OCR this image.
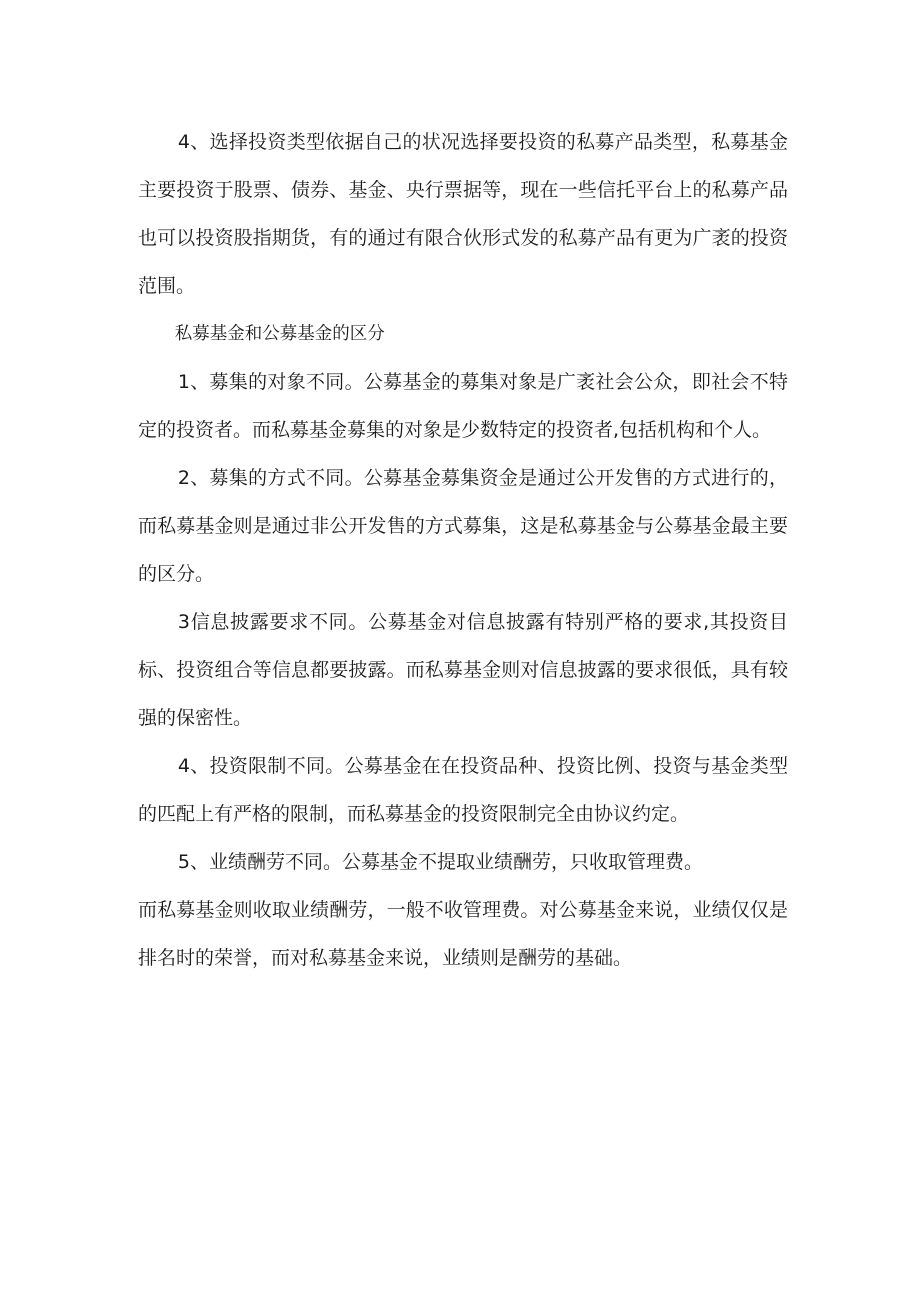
4、选择投资类型依据自己的状况选择要投资的私募产品类型，私募基金主要投资于股票、债券、基金、央行票据等，现在一些信托平台上的私募产品也可以投资股指期货，有的通过有限合伙形式发的私募产品有更为广袤的投资范围。

私募基金和公募基金的区分

1、募集的对象不同。公募基金的募集对象是广袤社会公众，即社会不特定的投资者。而私募基金募集的对象是少数特定的投资者,包括机构和个人。

2、募集的方式不同。公募基金募集资金是通过公开发售的方式进行的，而私募基金则是通过非公开发售的方式募集，这是私募基金与公募基金最主要的区分。

3信息披露要求不同。公募基金对信息披露有特别严格的要求,其投资目标、投资组合等信息都要披露。而私募基金则对信息披露的要求很低，具有较强的保密性。

4、投资限制不同。公募基金在在投资品种、投资比例、投资与基金类型的匹配上有严格的限制，而私募基金的投资限制完全由协议约定。

5、业绩酬劳不同。公募基金不提取业绩酬劳，只收取管理费。

而私募基金则收取业绩酬劳，一般不收管理费。对公募基金来说，业绩仅仅是排名时的荣誉，而对私募基金来说，业绩则是酬劳的基础。
